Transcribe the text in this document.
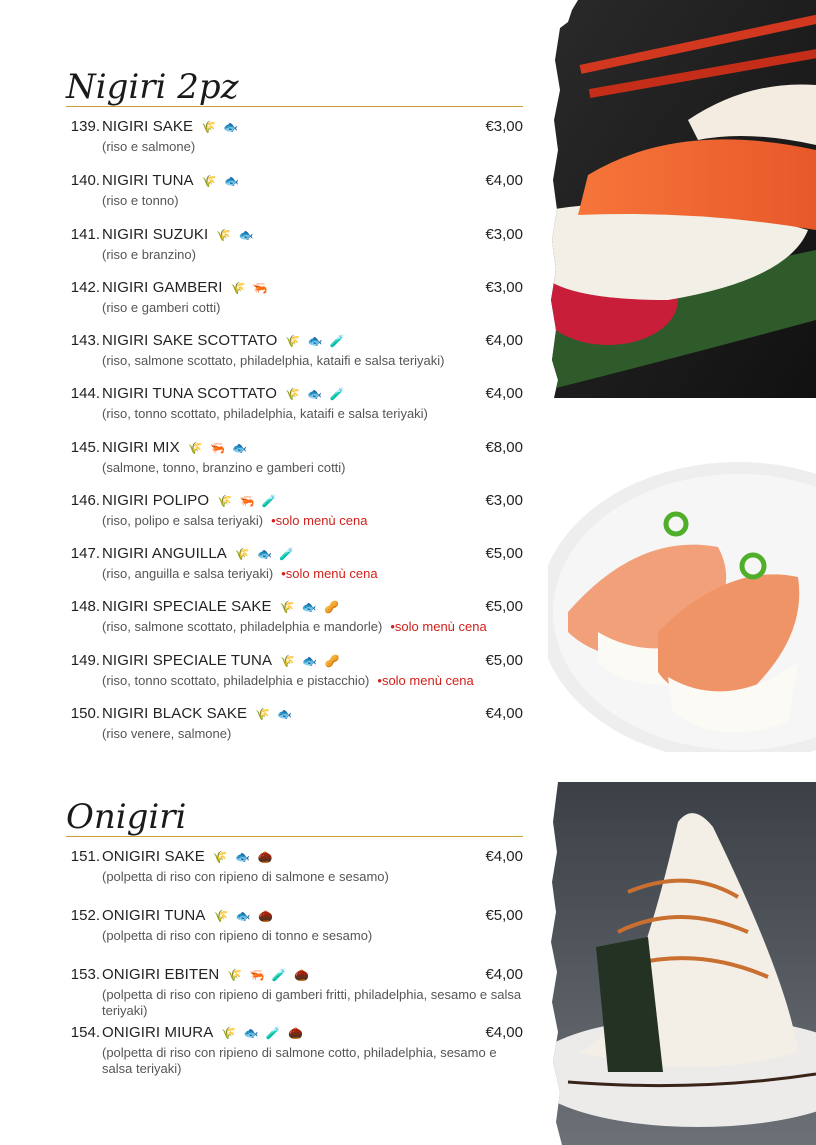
Nigiri 2pz
Onigiri
139. NIGIRI SAKE 🌾 🐟	€3,00
(riso e salmone)
140. NIGIRI TUNA 🌾 🐟	€4,00
(riso e tonno)
141. NIGIRI SUZUKI 🌾 🐟	€3,00
(riso e branzino)
142. NIGIRI GAMBERI 🌾 🦐	€3,00
(riso e gamberi cotti)
143. NIGIRI SAKE SCOTTATO 🌾 🐟 🧪	€4,00
(riso, salmone scottato, philadelphia, kataifi e salsa teriyaki)
144. NIGIRI TUNA SCOTTATO 🌾 🐟 🧪	€4,00
(riso, tonno scottato, philadelphia, kataifi e salsa teriyaki)
145. NIGIRI MIX 🌾 🦐 🐟	€8,00
(salmone, tonno, branzino e gamberi cotti)
146. NIGIRI POLIPO 🌾 🦐 🧪	€3,00
(riso, polipo e salsa teriyaki) •solo menù cena
147. NIGIRI ANGUILLA 🌾 🐟 🧪	€5,00
(riso, anguilla e salsa teriyaki) •solo menù cena
148. NIGIRI SPECIALE SAKE 🌾 🐟 🥜	€5,00
(riso, salmone scottato, philadelphia e mandorle) •solo menù cena
149. NIGIRI SPECIALE TUNA 🌾 🐟 🥜	€5,00
(riso, tonno scottato, philadelphia e pistacchio) •solo menù cena
150. NIGIRI BLACK SAKE 🌾 🐟	€4,00
(riso venere, salmone)
151. ONIGIRI SAKE 🌾 🐟 🌰	€4,00
(polpetta di riso con ripieno di salmone e sesamo)
152. ONIGIRI TUNA 🌾 🐟 🌰	€5,00
(polpetta di riso con ripieno di tonno e sesamo)
153. ONIGIRI EBITEN 🌾 🦐 🧪 🌰	€4,00
(polpetta di riso con ripieno di gamberi fritti, philadelphia, sesamo e salsa teriyaki)
154. ONIGIRI MIURA 🌾 🐟 🧪 🌰	€4,00
(polpetta di riso con ripieno di salmone cotto, philadelphia, sesamo e salsa teriyaki)
